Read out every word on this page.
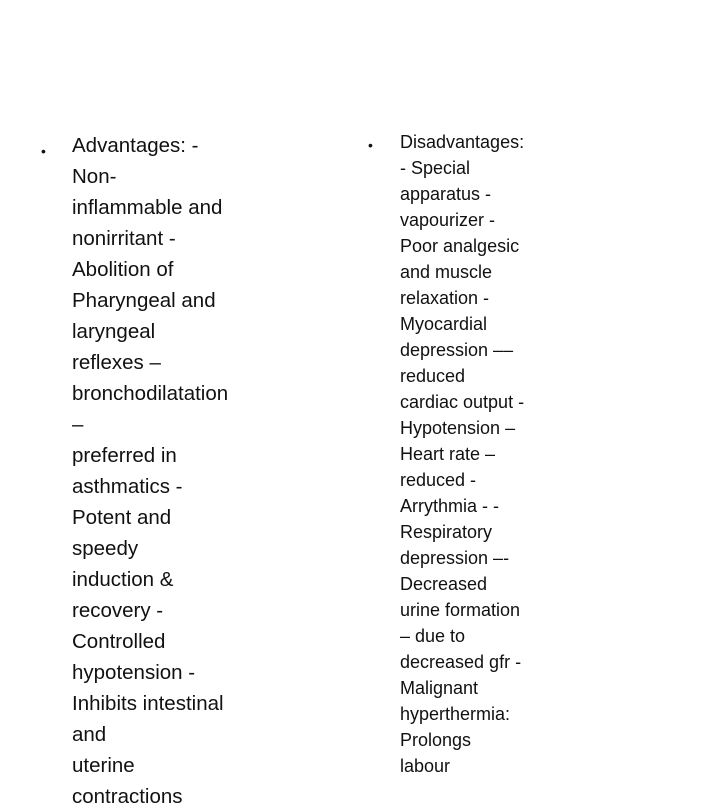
• Advantages: - Non-
inflammable and
nonirritant - Abolition of
Pharyngeal and laryngeal
reflexes –
bronchodilatation –
preferred in asthmatics -
Potent and speedy
induction & recovery -
Controlled hypotension -
Inhibits intestinal and
uterine contractions
• Disadvantages: - Special
apparatus - vapourizer -
Poor analgesic and muscle
relaxation - Myocardial
depression –– reduced
cardiac output -
Hypotension –Heart rate –
reduced - Arrythmia - -
Respiratory depression –-
Decreased urine formation
– due to decreased gfr -
Malignant hyperthermia:
Prolongs labour
